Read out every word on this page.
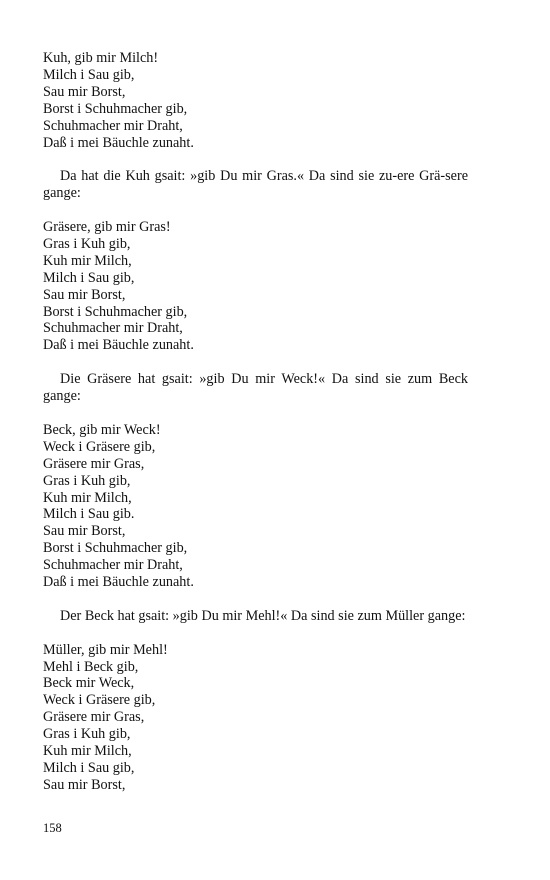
Kuh, gib mir Milch!
Milch i Sau gib,
Sau mir Borst,
Borst i Schuhmacher gib,
Schuhmacher mir Draht,
Daß i mei Bäuchle zunaht.

Da hat die Kuh gsait: »gib Du mir Gras.« Da sind sie zu-ere Grä-sere gange:

Gräsere, gib mir Gras!
Gras i Kuh gib,
Kuh mir Milch,
Milch i Sau gib,
Sau mir Borst,
Borst i Schuhmacher gib,
Schuhmacher mir Draht,
Daß i mei Bäuchle zunaht.

Die Gräsere hat gsait: »gib Du mir Weck!« Da sind sie zum Beck gange:

Beck, gib mir Weck!
Weck i Gräsere gib,
Gräsere mir Gras,
Gras i Kuh gib,
Kuh mir Milch,
Milch i Sau gib.
Sau mir Borst,
Borst i Schuhmacher gib,
Schuhmacher mir Draht,
Daß i mei Bäuchle zunaht.

Der Beck hat gsait: »gib Du mir Mehl!« Da sind sie zum Müller gange:

Müller, gib mir Mehl!
Mehl i Beck gib,
Beck mir Weck,
Weck i Gräsere gib,
Gräsere mir Gras,
Gras i Kuh gib,
Kuh mir Milch,
Milch i Sau gib,
Sau mir Borst,
158
